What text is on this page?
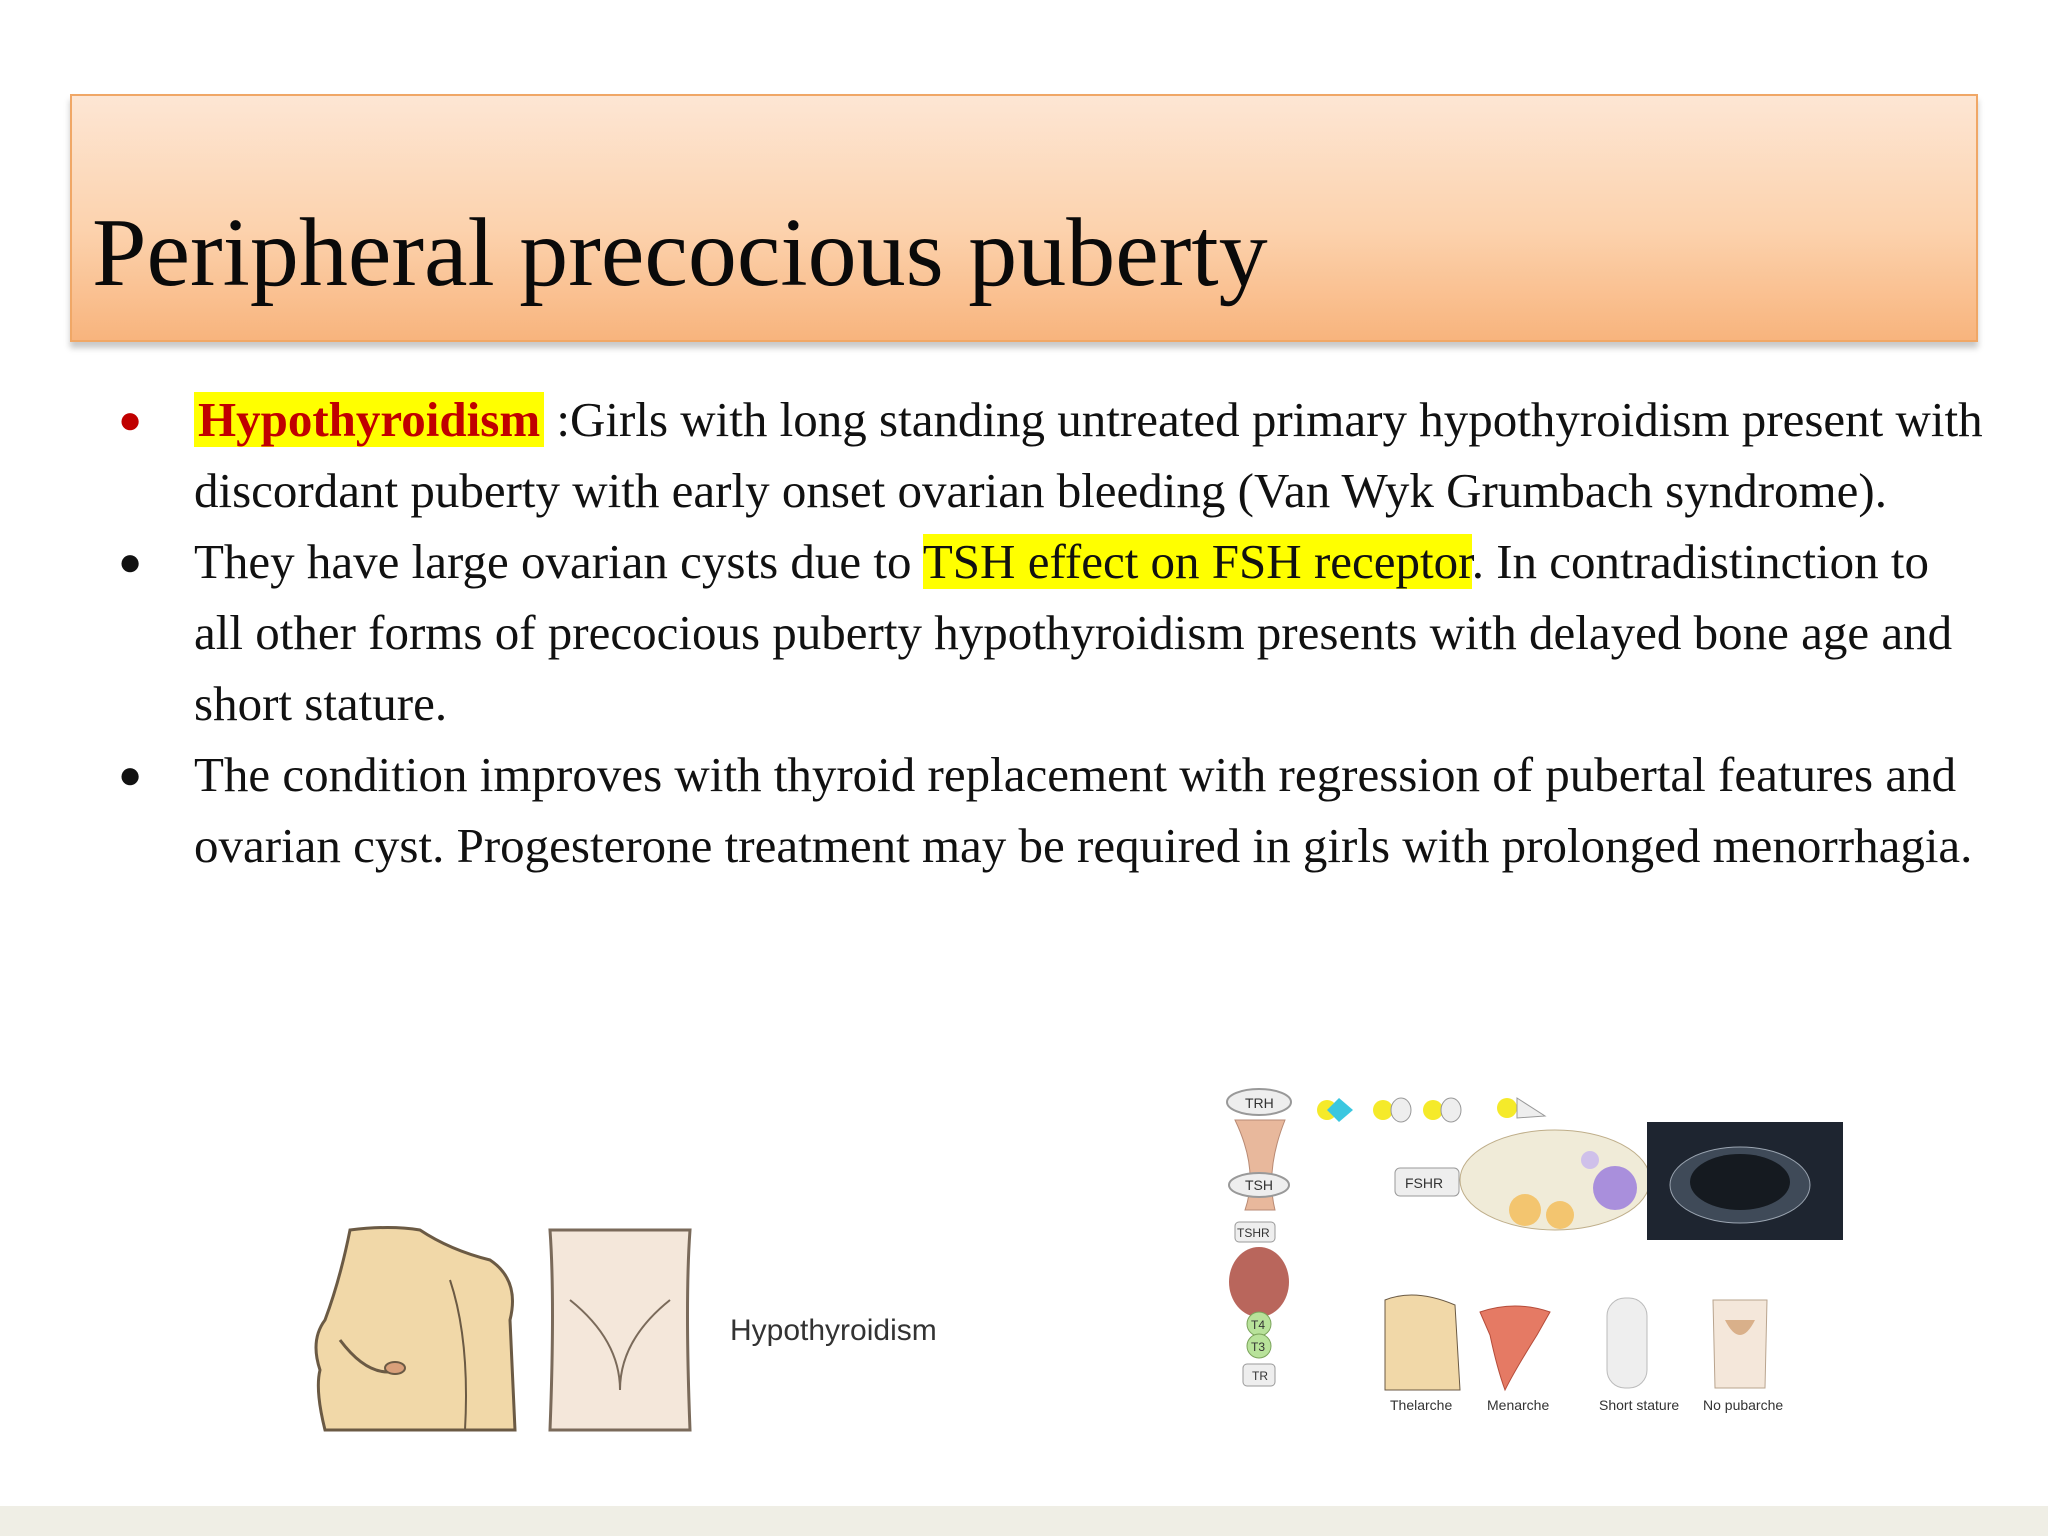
Peripheral precocious puberty
● Hypothyroidism :Girls with long standing untreated primary hypothyroidism present with discordant puberty with early onset ovarian bleeding (Van Wyk Grumbach syndrome).
● They have large ovarian cysts due to TSH effect on FSH receptor. In contradistinction to all other forms of precocious puberty hypothyroidism presents with delayed bone age and short stature.
● The condition improves with thyroid replacement with regression of pubertal features and ovarian cyst. Progesterone treatment may be required in girls with prolonged menorrhagia.
Hypothyroidism
TRH
TSH
TSHR
T4
T3
TR
FSHR
Thelarche Menarche	Short stature No pubarche
